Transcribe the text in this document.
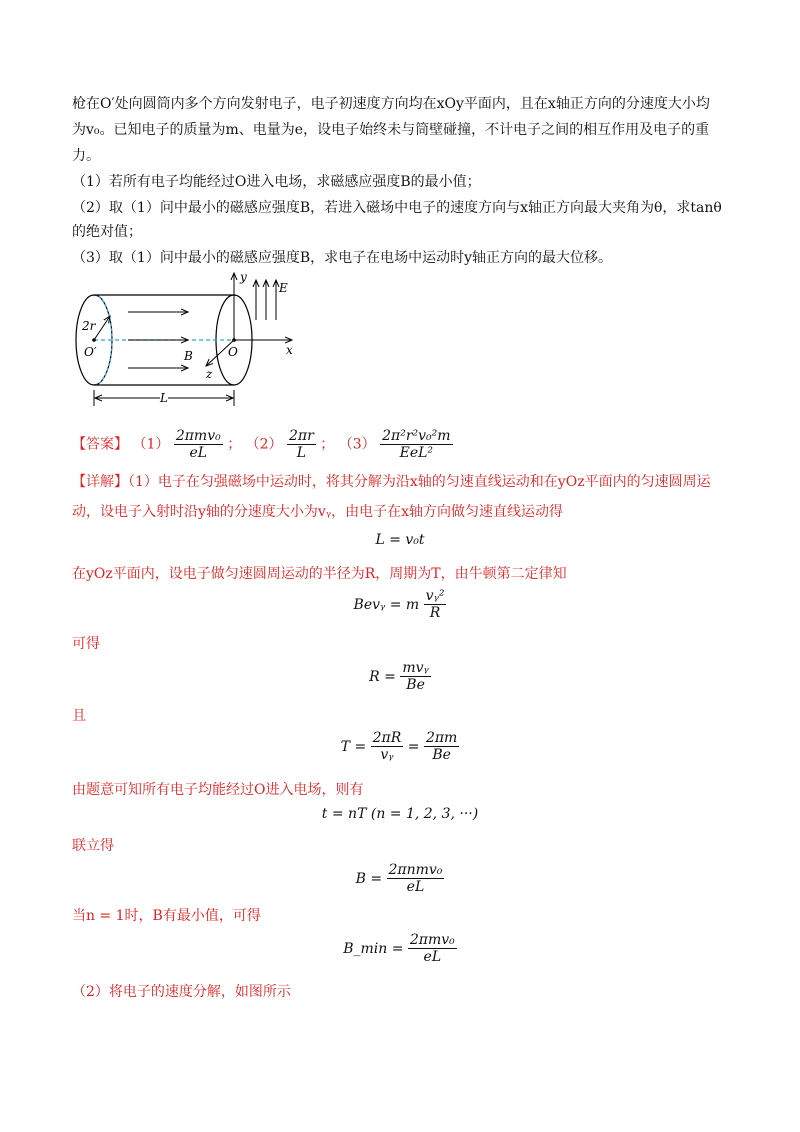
枪在O′处向圆筒内多个方向发射电子，电子初速度方向均在xOy平面内，且在x轴正方向的分速度大小均
为v₀。已知电子的质量为m、电量为e，设电子始终未与筒壁碰撞，不计电子之间的相互作用及电子的重
力。
（1）若所有电子均能经过O进入电场，求磁感应强度B的最小值；
（2）取（1）问中最小的磁感应强度B，若进入磁场中电子的速度方向与x轴正方向最大夹角为θ，求tanθ
的绝对值；
（3）取（1）问中最小的磁感应强度B，求电子在电场中运动时y轴正方向的最大位移。
y
x
z
E
2r
O′	O
B
L
【答案】 $(1) \frac{\text{2πmv₀}}{eL}$ ； $(2) \frac{2\pi r}{L}$ ； $(3) \frac{\text{2π²r²v₀²m}}{\text{EeL²}}$
【详解】（1）电子在匀强磁场中运动时，将其分解为沿x轴的匀速直线运动和在yOz平面内的匀速圆周运
动，设电子入射时沿y轴的分速度大小为vᵧ，由电子在x轴方向做匀速直线运动得
L = v₀t
在yOz平面内，设电子做匀速圆周运动的半径为R，周期为T，由牛顿第二定律知
Bevᵧ = m $\frac{\text{vᵧ²}}{R}$
可得
$R = \frac{\text{mvᵧ}}{Be}$
且
$T = \frac{2\pi R}{\text{vᵧ}} = \frac{2\pi m}{Be}$
由题意可知所有电子均能经过O进入电场，则有
t = nT (n = 1, 2, 3, ···)
联立得
$B = \frac{\text{2πnmv₀}}{eL}$
当n = 1时，B有最小值，可得
B_min = $\frac{\text{2πmv₀}}{eL}$
（2）将电子的速度分解，如图所示
